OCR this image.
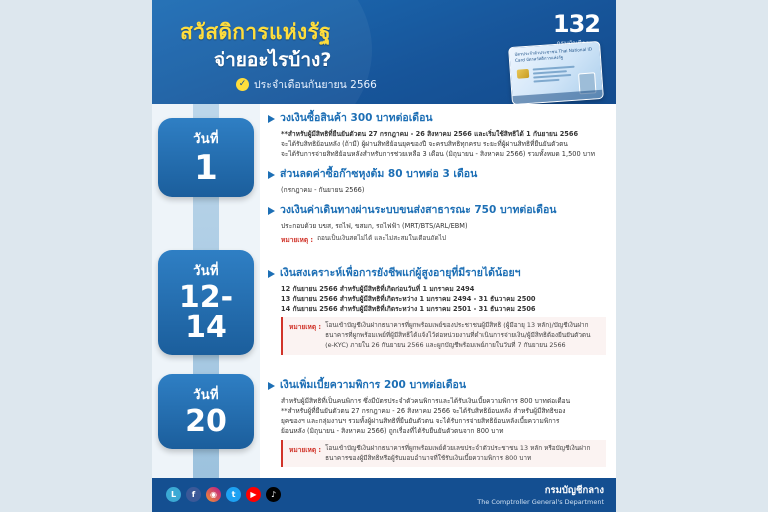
สวัสดิการแห่งรัฐ
จ่ายอะไรบ้าง?
✓ ประจำเดือนกันยายน 2566
132
บัตรประจำตัวประชาชน Thai National ID Card บัตรสวัสดิการแห่งรัฐ
วันที่
1
วันที่
12-14
วันที่
20
วงเงินซื้อสินค้า 300 บาทต่อเดือน
**สำหรับผู้มีสิทธิที่ยืนยันตัวตน 27 กรกฎาคม - 26 สิงหาคม 2566 และเริ่มใช้สิทธิได้ 1 กันยายน 2566
จะได้รับสิทธิย้อนหลัง (ถ้ามี) ผู้ผ่านสิทธิย้อนยุคของปี จะครบสิทธิทุกครบ ระยะที่ผู้ผ่านสิทธิที่ยืนยันตัวตน
จะได้รับการจ่ายสิทธิย้อนหลังสำหรับการช่วยเหลือ 3 เดือน (มิถุนายน - สิงหาคม 2566) รวมทั้งหมด 1,500 บาท
ส่วนลดค่าซื้อก๊าซหุงต้ม 80 บาทต่อ 3 เดือน
(กรกฎาคม - กันยายน 2566)
วงเงินค่าเดินทางผ่านระบบขนส่งสาธารณะ 750 บาทต่อเดือน
ประกอบด้วย บขส, รถไฟ, ขสมก, รถไฟฟ้า (MRT/BTS/ARL/EBM)
หมายเหตุ : ถอนเป็นเงินสดไม่ได้ และไม่สะสมในเดือนถัดไป
เงินสงเคราะห์เพื่อการยังชีพแก่ผู้สูงอายุที่มีรายได้น้อยฯ
12 กันยายน 2566 สำหรับผู้มีสิทธิที่เกิดก่อนวันที่ 1 มกราคม 2494
13 กันยายน 2566 สำหรับผู้มีสิทธิที่เกิดระหว่าง 1 มกราคม 2494 - 31 ธันวาคม 2500
14 กันยายน 2566 สำหรับผู้มีสิทธิที่เกิดระหว่าง 1 มกราคม 2501 - 31 ธันวาคม 2506
หมายเหตุ : โอนเข้าบัญชีเงินฝากธนาคารที่ผูกพร้อมเพย์ของประชาชนผู้มีสิทธิ (ผู้มีอายุ 13 หลัก)/บัญชีเงินฝากธนาคารที่ผูกพร้อมเพย์ที่ผู้มีสิทธิได้แจ้งไว้ต่อหน่วยงานที่ดำเนินการจ่ายเงิน/ผู้มีสิทธิต้องยืนยันตัวตน (e-KYC) ภายใน 26 กันยายน 2566 และผูกบัญชีพร้อมเพย์ภายในวันที่ 7 กันยายน 2566
เงินเพิ่มเบี้ยความพิการ 200 บาทต่อเดือน
สำหรับผู้มีสิทธิที่เป็นคนพิการ ซึ่งมีบัตรประจำตัวคนพิการและได้รับเงินเบี้ยความพิการ 800 บาทต่อเดือน
**สำหรับผู้ที่ยืนยันตัวตน 27 กรกฎาคม - 26 สิงหาคม 2566 จะได้รับสิทธิย้อนหลัง สำหรับผู้มีสิทธิของ
ยุคของฯ และกลุ่มงานฯ รวมทั้งผู้ผ่านสิทธิที่ยืนยันตัวตน จะได้รับการจ่ายสิทธิย้อนหลังเบี้ยความพิการ
ย้อนหลัง (มิถุนายน - สิงหาคม 2566) ถูกเรื่องที่ได้รับยืนยันตัวตนจาก 800 บาท
หมายเหตุ : โอนเข้าบัญชีเงินฝากธนาคารที่ผูกพร้อมเพย์ด้วยเลขประจำตัวประชาชน 13 หลัก หรือบัญชีเงินฝากธนาคารของผู้มีสิทธิหรือผู้รับมอบอำนาจที่ใช้รับเงินเบี้ยความพิการ 800 บาท
L	f	◉	t	▶	♪	กรมบัญชีกลาง
The Comptroller General's Department
